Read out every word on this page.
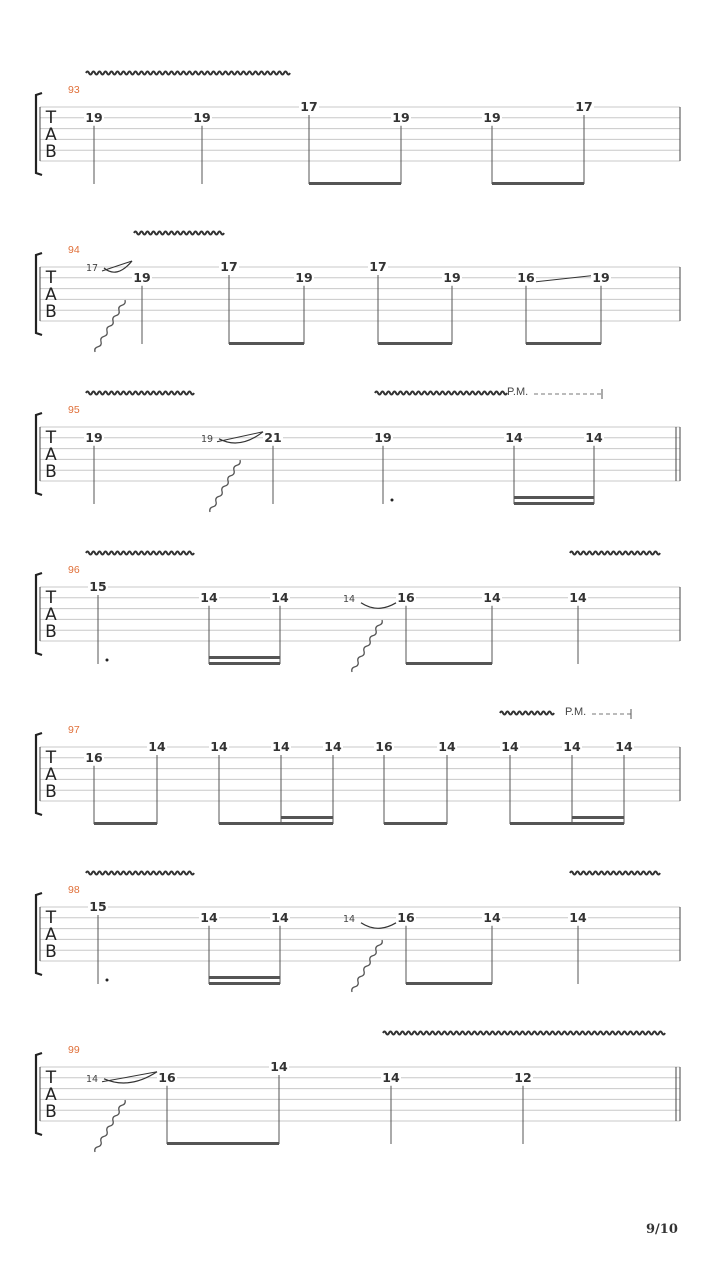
T
A
B
93
19	19
17
19	19
17
T
A
B
94
19
17
19
17
19	16	19
17
T
A
B
95
P.M.
19	21	19	14	14
19
T
A
B
96
15
14	14	16	14	14
14
T
A
B
97
P.M.
16
14	14	14	14	16	14	14	14	14
T
A
B
98
15
14	14	16	14	14
14
T
A
B
99
16
14
14	12
14
9/10
